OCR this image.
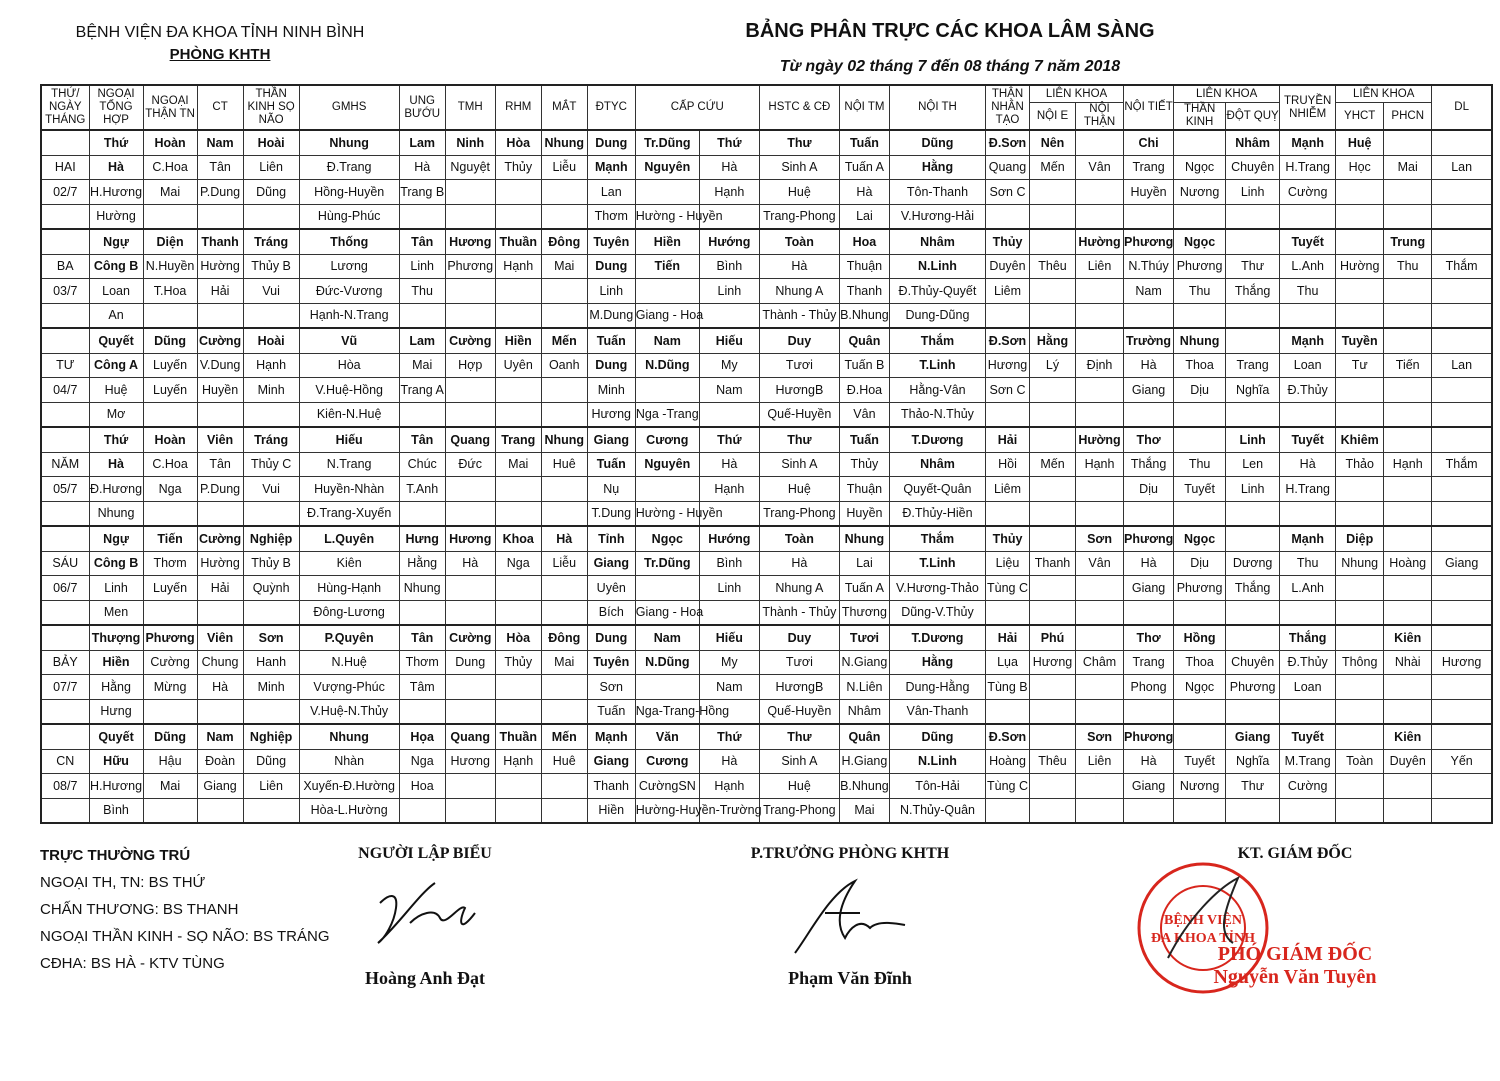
BỆNH VIỆN ĐA KHOA TỈNH NINH BÌNH
PHÒNG KHTH
BẢNG PHÂN TRỰC CÁC KHOA LÂM SÀNG
Từ ngày 02 tháng 7 đến 08 tháng 7 năm 2018
THỨ/ NGÀY THÁNG	NGOẠI TỔNG HỢP	NGOẠI THẬN TN	CT	THẦN KINH SỌ NÃO	GMHS	UNG BƯỚU	TMH	RHM	MẮT	ĐTYC	CẤP CỨU		HSTC & CĐ	NỘI TM	NỘI TH	THẬN NHÂN TẠO	LIÊN KHOA		NỘI TIẾT	LIÊN KHOA		TRUYỀN NHIỄM	LIÊN KHOA		DL
																	NỘI E	NỘI THẬN		THẦN KINH	ĐỘT QUỴ		YHCT	PHCN	
	Thứ	Hoàn	Nam	Hoài	Nhung	Lam	Ninh	Hòa	Nhung	Dung	Tr.Dũng	Thứ	Thư	Tuấn	Dũng	Đ.Sơn	Nên		Chi		Nhâm	Mạnh	Huệ		
HAI	Hà	C.Hoa	Tân	Liên	Đ.Trang	Hà	Nguyệt	Thủy	Liễu	Mạnh	Nguyên	Hà	Sinh A	Tuấn A	Hằng	Quang	Mến	Vân	Trang	Ngọc	Chuyên	H.Trang	Học	Mai	Lan
02/7	H.Hương	Mai	P.Dung	Dũng	Hồng-Huyền	Trang B				Lan		Hạnh	Huệ	Hà	Tôn-Thanh	Sơn C			Huyền	Nương	Linh	Cường			
	Hường				Hùng-Phúc					Thơm	Hường - Huyền		Trang-Phong	Lai	V.Hương-Hải										
	Ngự	Diện	Thanh	Tráng	Thống	Tân	Hương	Thuần	Đông	Tuyên	Hiền	Hướng	Toàn	Hoa	Nhâm	Thủy		Hường	Phương	Ngọc		Tuyết		Trung	
BA	Công B	N.Huyền	Hường	Thủy B	Lương	Linh	Phương	Hạnh	Mai	Dung	Tiến	Bình	Hà	Thuận	N.Linh	Duyên	Thêu	Liên	N.Thúy	Phương	Thư	L.Anh	Hường	Thu	Thắm
03/7	Loan	T.Hoa	Hải	Vui	Đức-Vương	Thu				Linh		Linh	Nhung A	Thanh	Đ.Thủy-Quyết	Liêm			Nam	Thu	Thắng	Thu			
	An				Hạnh-N.Trang					M.Dung	Giang - Hoa		Thành - Thủy	B.Nhung	Dung-Dũng										
	Quyết	Dũng	Cường	Hoài	Vũ	Lam	Cường	Hiền	Mến	Tuấn	Nam	Hiếu	Duy	Quân	Thắm	Đ.Sơn	Hằng		Trường	Nhung		Mạnh	Tuyền		
TƯ	Công A	Luyến	V.Dung	Hạnh	Hòa	Mai	Hợp	Uyên	Oanh	Dung	N.Dũng	My	Tươi	Tuấn B	T.Linh	Hương	Lý	Định	Hà	Thoa	Trang	Loan	Tư	Tiến	Lan
04/7	Huệ	Luyến	Huyền	Minh	V.Huệ-Hồng	Trang A				Minh		Nam	HươngB	Đ.Hoa	Hằng-Vân	Sơn C			Giang	Dịu	Nghĩa	Đ.Thủy			
	Mơ				Kiên-N.Huệ					Hương	Nga -Trang		Quế-Huyền	Vân	Thảo-N.Thủy										
	Thứ	Hoàn	Viên	Tráng	Hiếu	Tân	Quang	Trang	Nhung	Giang	Cương	Thứ	Thư	Tuấn	T.Dương	Hải		Hường	Thơ		Linh	Tuyết	Khiêm		
NĂM	Hà	C.Hoa	Tân	Thủy C	N.Trang	Chúc	Đức	Mai	Huê	Tuấn	Nguyên	Hà	Sinh A	Thủy	Nhâm	Hồi	Mến	Hạnh	Thắng	Thu	Len	Hà	Thảo	Hạnh	Thắm
05/7	Đ.Hương	Nga	P.Dung	Vui	Huyền-Nhàn	T.Anh				Nụ		Hạnh	Huệ	Thuận	Quyết-Quân	Liêm			Dịu	Tuyết	Linh	H.Trang			
	Nhung				Đ.Trang-Xuyến					T.Dung	Hường - Huyền		Trang-Phong	Huyền	Đ.Thủy-Hiền										
	Ngự	Tiến	Cường	Nghiệp	L.Quyên	Hưng	Hương	Khoa	Hà	Tỉnh	Ngọc	Hướng	Toàn	Nhung	Thắm	Thủy		Sơn	Phương	Ngọc		Mạnh	Diệp		
SÁU	Công B	Thơm	Hường	Thủy B	Kiên	Hằng	Hà	Nga	Liễu	Giang	Tr.Dũng	Bình	Hà	Lai	T.Linh	Liệu	Thanh	Vân	Hà	Dịu	Dương	Thu	Nhung	Hoàng	Giang
06/7	Linh	Luyến	Hải	Quỳnh	Hùng-Hạnh	Nhung				Uyên		Linh	Nhung A	Tuấn A	V.Hương-Thảo	Tùng C			Giang	Phương	Thắng	L.Anh			
	Men				Đông-Lương					Bích	Giang - Hoa		Thành - Thủy	Thương	Dũng-V.Thủy										
	Thượng	Phương	Viên	Sơn	P.Quyên	Tân	Cường	Hòa	Đông	Dung	Nam	Hiếu	Duy	Tươi	T.Dương	Hải	Phú		Thơ	Hồng		Thắng		Kiên	
BẢY	Hiền	Cường	Chung	Hanh	N.Huệ	Thơm	Dung	Thủy	Mai	Tuyên	N.Dũng	My	Tươi	N.Giang	Hằng	Lụa	Hương	Châm	Trang	Thoa	Chuyên	Đ.Thủy	Thông	Nhài	Hương
07/7	Hằng	Mừng	Hà	Minh	Vượng-Phúc	Tâm				Sơn		Nam	HươngB	N.Liên	Dung-Hằng	Tùng B			Phong	Ngọc	Phương	Loan			
	Hưng				V.Huệ-N.Thủy					Tuấn	Nga-Trang-Hồng		Quế-Huyền	Nhâm	Vân-Thanh										
	Quyết	Dũng	Nam	Nghiệp	Nhung	Họa	Quang	Thuần	Mến	Mạnh	Văn	Thứ	Thư	Quân	Dũng	Đ.Sơn		Sơn	Phương		Giang	Tuyết		Kiên	
CN	Hữu	Hậu	Đoàn	Dũng	Nhàn	Nga	Hương	Hạnh	Huê	Giang	Cương	Hà	Sinh A	H.Giang	N.Linh	Hoàng	Thêu	Liên	Hà	Tuyết	Nghĩa	M.Trang	Toàn	Duyên	Yến
08/7	H.Hương	Mai	Giang	Liên	Xuyến-Đ.Hường	Hoa				Thanh	CườngSN	Hạnh	Huệ	B.Nhung	Tôn-Hải	Tùng C			Giang	Nương	Thư	Cường			
	Bình				Hòa-L.Hường					Hiền	Hường-Huyền-Trường		Trang-Phong	Mai	N.Thủy-Quân										
TRỰC THƯỜNG TRÚ
NGOẠI TH, TN: BS THỨ
CHẤN THƯƠNG: BS THANH
NGOẠI THẦN KINH - SỌ NÃO: BS TRÁNG
CĐHA: BS HÀ - KTV TÙNG
NGƯỜI LẬP BIỂU
Hoàng Anh Đạt
P.TRƯỞNG PHÒNG KHTH
Phạm Văn Đĩnh
KT. GIÁM ĐỐC
PHÓ GIÁM ĐỐC
Nguyễn Văn Tuyên
BỆNH VIỆN
ĐA KHOA TỈNH
